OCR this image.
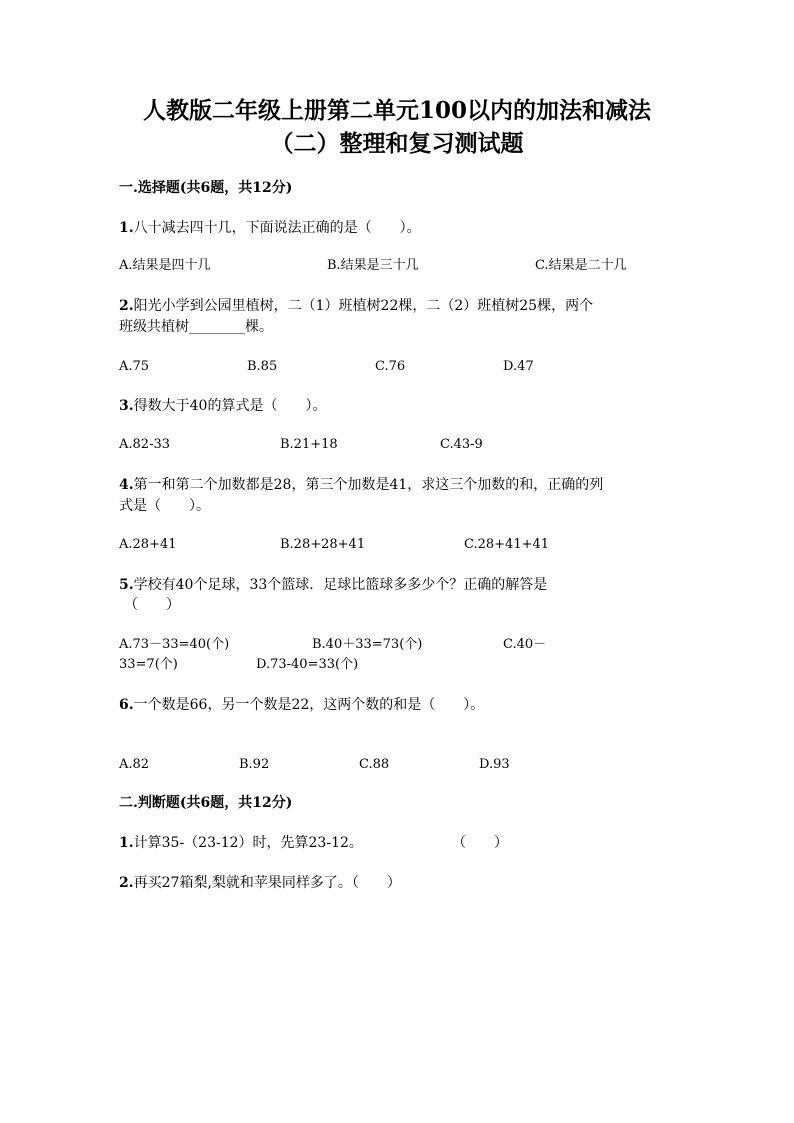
人教版二年级上册第二单元100以内的加法和减法
（二）整理和复习测试题
一.选择题(共6题，共12分)
1.八十减去四十几，下面说法正确的是（　　）。
A.结果是四十几	B.结果是三十几	C.结果是二十几
2.阳光小学到公园里植树，二（1）班植树22棵，二（2）班植树25棵，两个
班级共植树________棵。
A.75	B.85	C.76	D.47
3.得数大于40的算式是（　　）。
A.82-33	B.21+18	C.43-9
4.第一和第二个加数都是28，第三个加数是41，求这三个加数的和，正确的列
式是（　　）。
A.28+41	B.28+28+41	C.28+41+41
5.学校有40个足球，33个篮球．足球比篮球多多少个？正确的解答是
（　　）
A.73－33=40(个)	B.40＋33=73(个)	C.40－
33=7(个)	D.73-40=33(个)
6.一个数是66，另一个数是22，这两个数的和是（　　）。
A.82	B.92	C.88	D.93
二.判断题(共6题，共12分)
1.计算35-（23-12）时，先算23-12。	（　　）
2.再买27箱梨,梨就和苹果同样多了。（　　）
